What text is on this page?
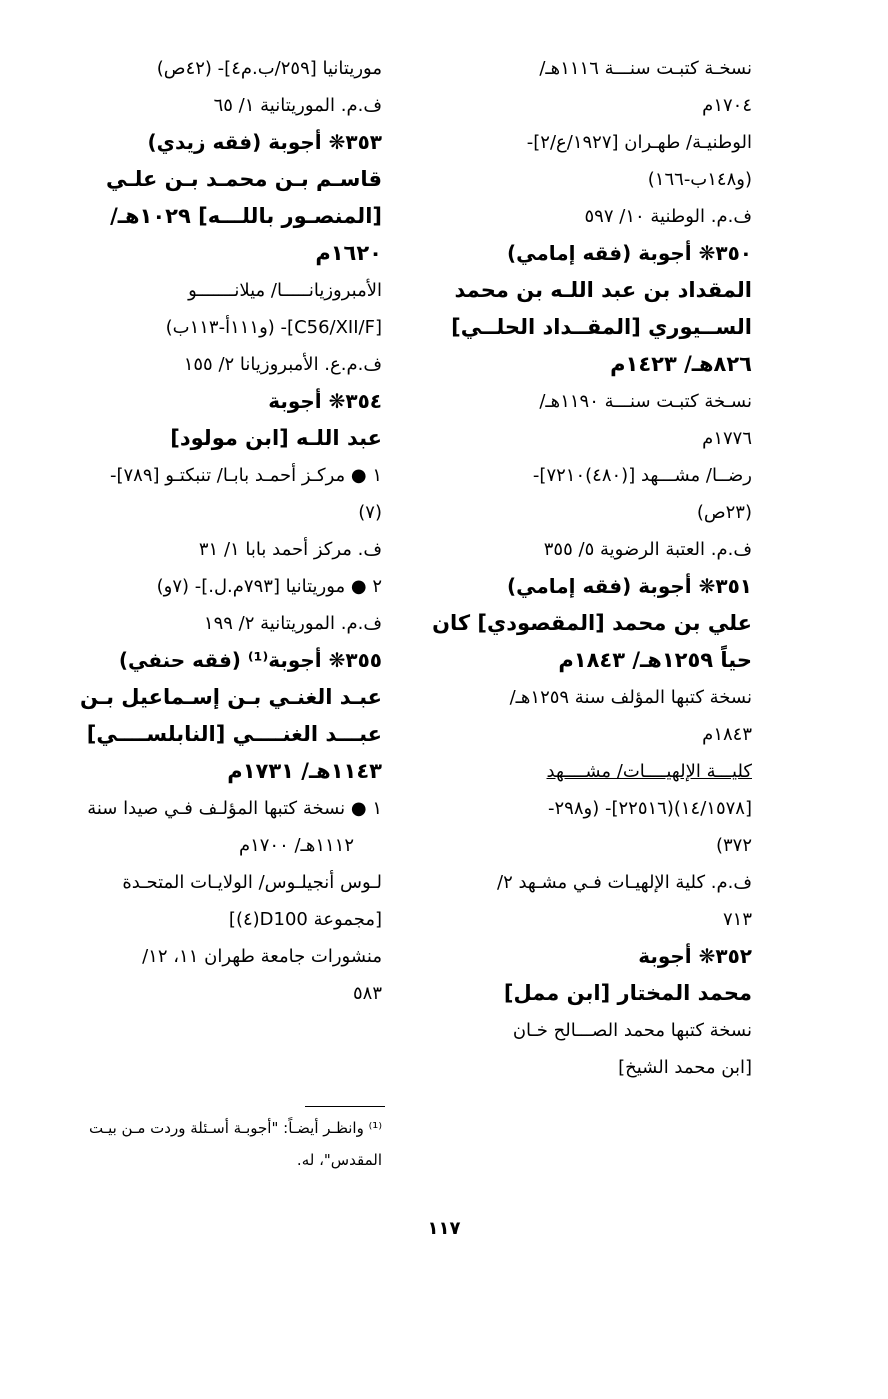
نسخـة كتبـت سنـــة ١١١٦هـ/
١٧٠٤م
الوطنيـة/ طهـران [١٩٢٧/ع/٢]-
(و١٤٨ب-١٦٦)
ف.م. الوطنية ١٠/ ٥٩٧
٣٥٠❋ أجوبة (فقه إمامي)
المقداد بن عبد اللـه بن محمد
الســيوري [المقــداد الحلــي]
٨٢٦هـ/ ١٤٢٣م
نسـخة كتبـت سنـــة ١١٩٠هـ/
١٧٧٦م
رضــا/ مشـــهد [(٤٨٠)٧٢١٠]-
(٢٣ص)
ف.م. العتبة الرضوية ٥/ ٣٥٥
٣٥١❋ أجوبة (فقه إمامي)
علي بن محمد [المقصودي] كان
حياً ١٢٥٩هـ/ ١٨٤٣م
نسخة كتبها المؤلف سنة ١٢٥٩هـ/
١٨٤٣م
كليـــة الإلهيــــات/ مشــــهد
[١٤/١٥٧٨)(٢٢٥١٦]- (و٢٩٨-
٣٧٢)
ف.م. كلية الإلهيـات فـي مشـهد ٢/
٧١٣
٣٥٢❋ أجوبة
محمد المختار [ابن ممل]
نسخة كتبها محمد الصـــالح خـان
[ابن محمد الشيخ]
موريتانيا [٢٥٩/ب.م٤]- (٤٢ص)
ف.م. الموريتانية ١/ ٦٥
٣٥٣❋ أجوبة (فقه زيدي)
قاسـم بـن محمـد بـن علـي
[المنصـور باللـــه] ١٠٢٩هـ/
١٦٢٠م
الأمبروزيانـــــا/ ميلانـــــــو
[C56/XII/F]- (و١١١أ-١١٣ب)
ف.م.ع. الأمبروزيانا ٢/ ١٥٥
٣٥٤❋ أجوبة
عبد اللـه [ابن مولود]
١ ● مركـز أحمـد بابـا/ تنبكتـو [٧٨٩]-
(٧)
ف. مركز أحمد بابا ١/ ٣١
٢ ● موريتانيا [٧٩٣م.ل.]- (٧و)
ف.م. الموريتانية ٢/ ١٩٩
٣٥٥❋ أجوبة⁽¹⁾ (فقه حنفي)
عبـد الغنـي بـن إسـماعيل بـن
عبـــد الغنــــي [النابلســــي]
١١٤٣هـ/ ١٧٣١م
١ ● نسخة كتبها المؤلـف فـي صيدا سنة
١١١٢هـ/ ١٧٠٠م
لـوس أنجيلـوس/ الولايـات المتحـدة
[مجموعة D100(٤)]
منشورات جامعة طهران ١١، ١٢/
٥٨٣
⁽¹⁾ وانظـر أيضـاً: "أجوبـة أسـئلة وردت مـن بيـت
المقدس"، له.
١١٧
